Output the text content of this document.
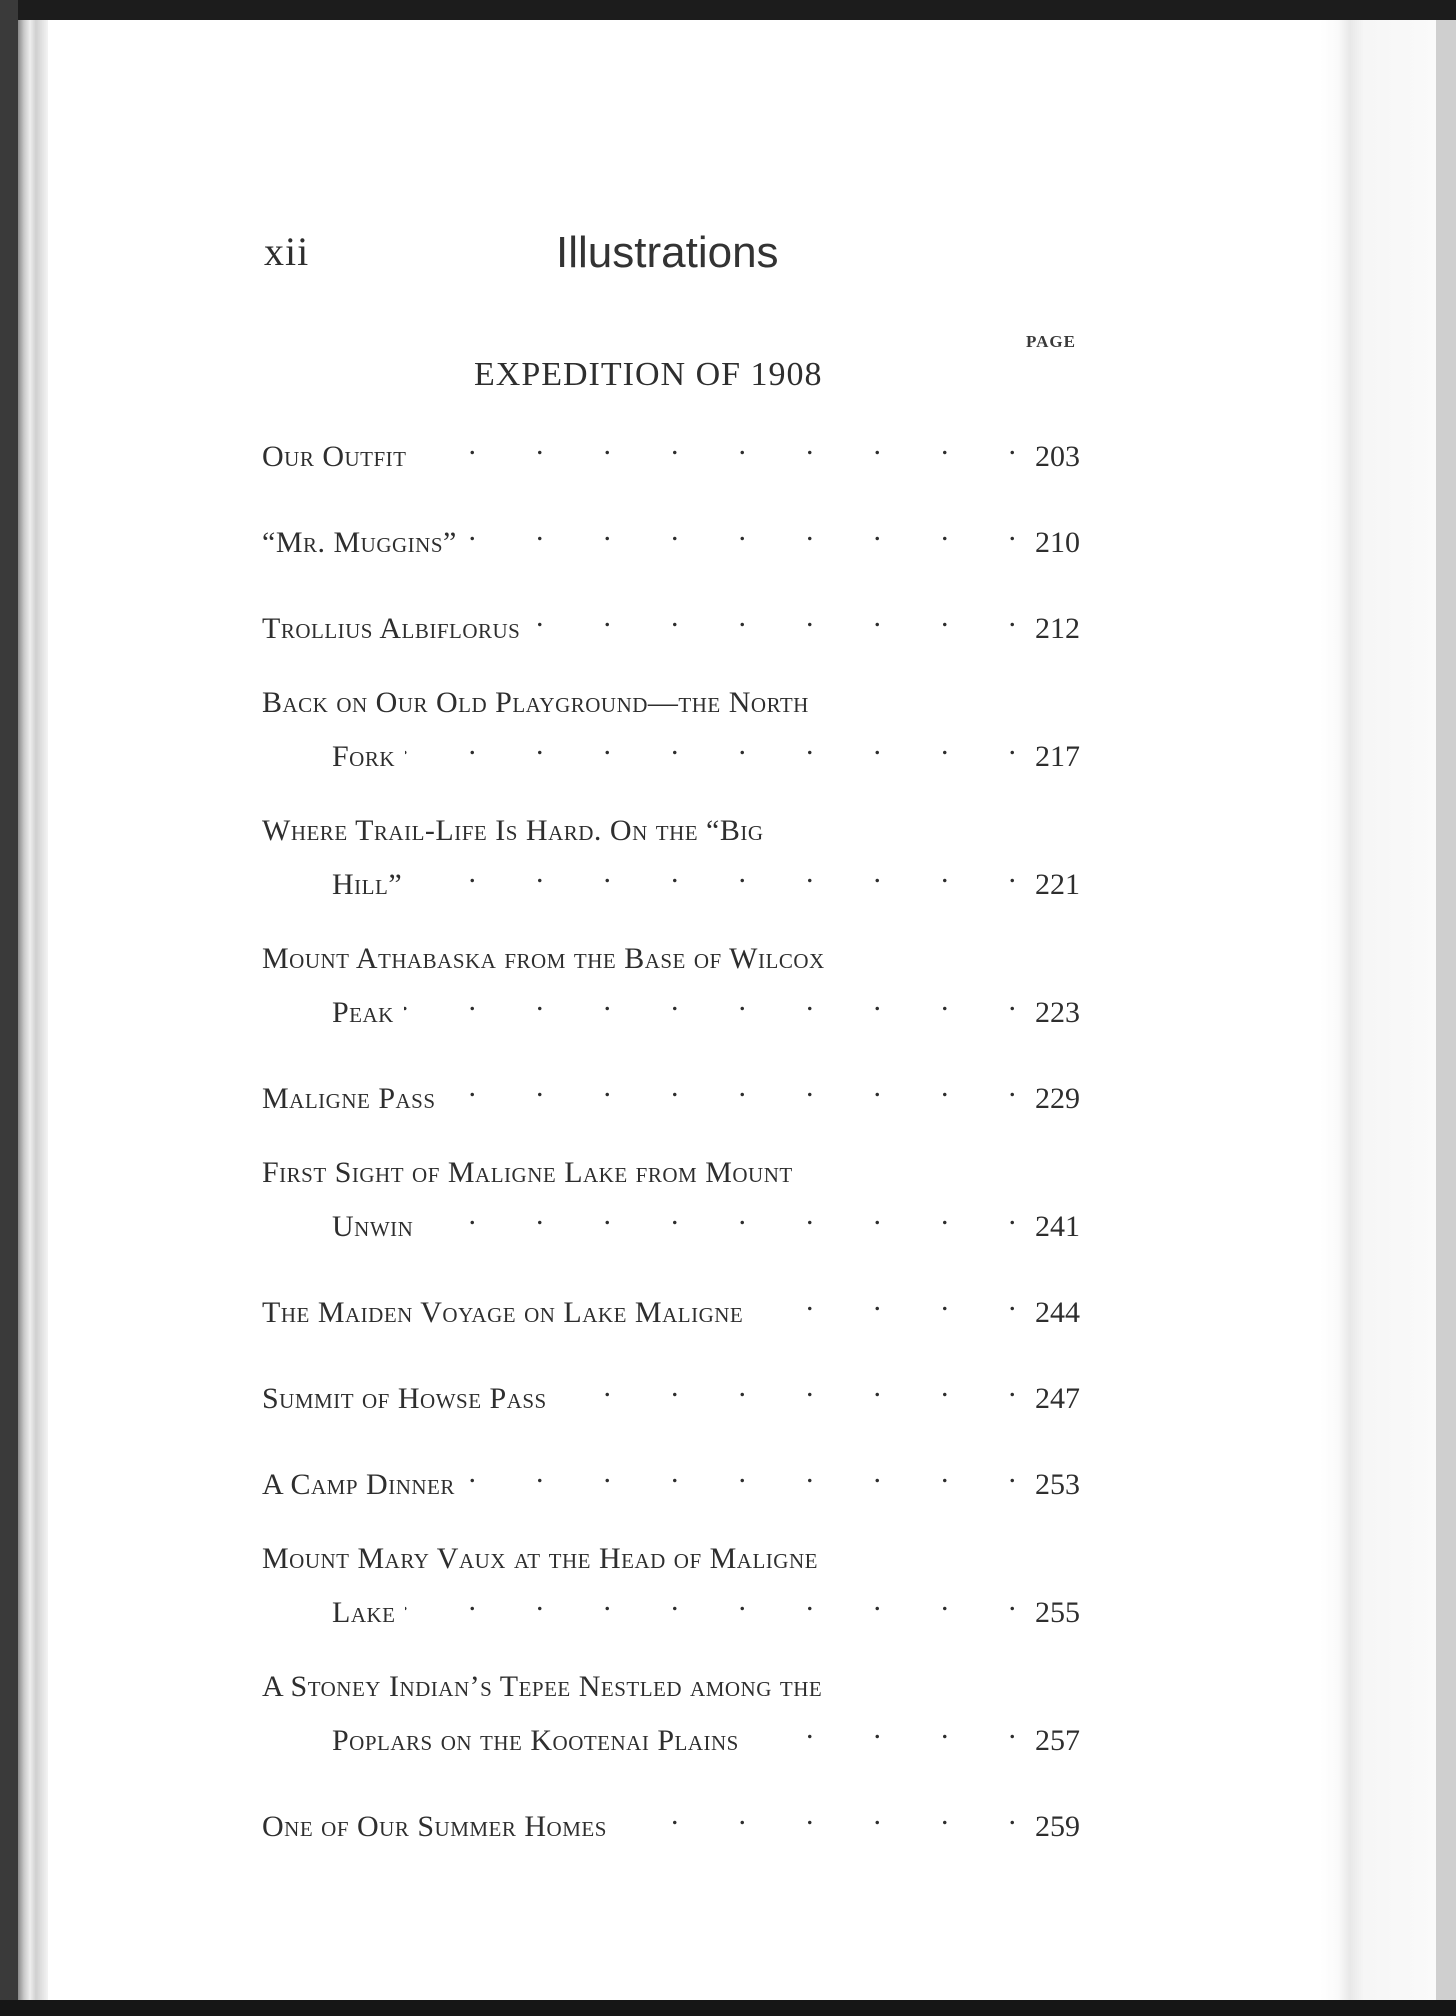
xii	Illustrations
PAGE
EXPEDITION OF 1908
Our Outfit .	203
“Mr. Muggins” .	210
Trollius Albiflorus .	212
Back on Our Old Playground—the North
Fork .	217
Where Trail-Life Is Hard. On the “Big
Hill” .	221
Mount Athabaska from the Base of Wilcox
Peak .	223
Maligne Pass .	229
First Sight of Maligne Lake from Mount
Unwin .	241
The Maiden Voyage on Lake Maligne .	244
Summit of Howse Pass .	247
A Camp Dinner .	253
Mount Mary Vaux at the Head of Maligne
Lake .	255
A Stoney Indian’s Tepee Nestled among the
Poplars on the Kootenai Plains .	257
One of Our Summer Homes .	259
